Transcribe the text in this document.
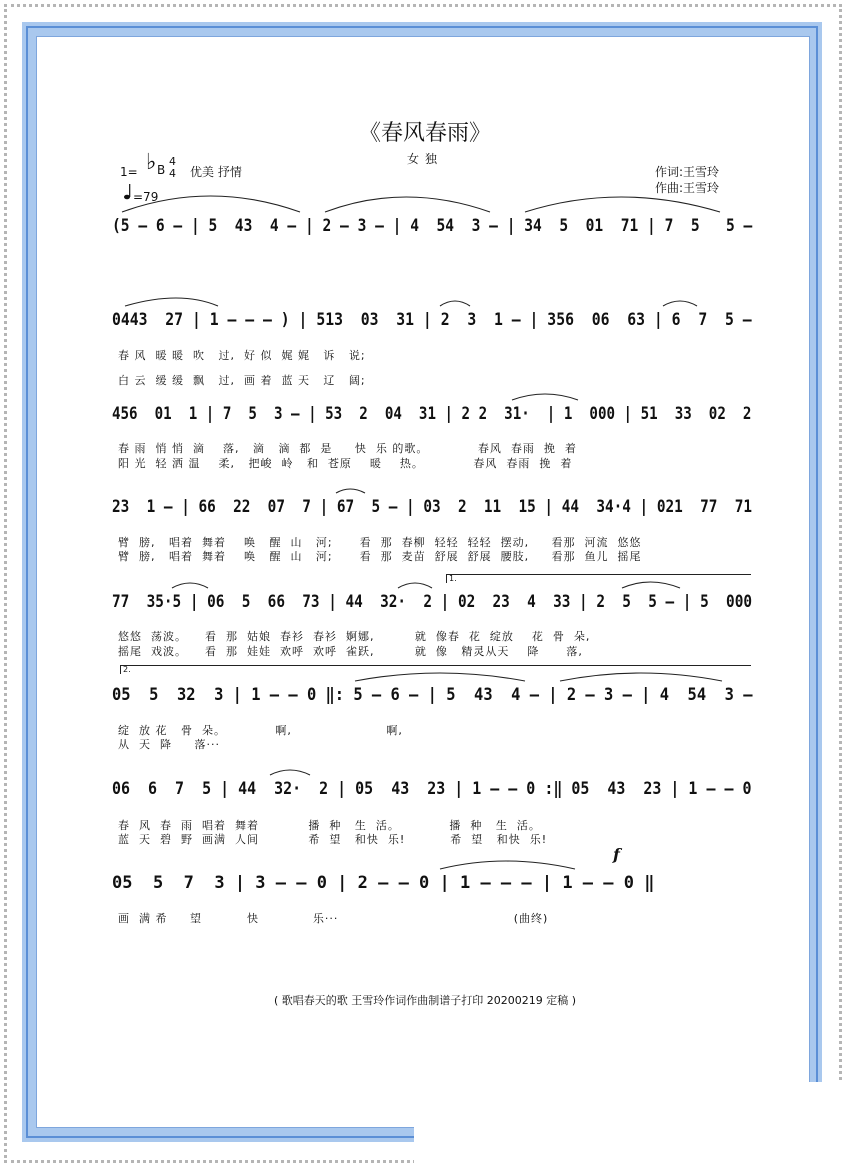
《春风春雨》
女独
1= ♭ B
4
4 优美 抒情
=79
作词:王雪玲
作曲:王雪玲
(5 – 6 – | 5  43  4 – | 2 – 3 – | 4  54  3 – | 34  5  01  71 | 7  5   5 –
0443  27 | 1 – – – ) | 513  03  31 | 2  3  1 – | 356  06  63 | 6  7  5 –
456  01  1 | 7  5  3 – | 53  2  04  31 | 2 2  31·  | 1  000 | 51  33  02  2
23  1 – | 66  22  07  7 | 67  5 – | 03  2  11  15 | 44  34·4 | 021  77  71
77  35·5 | 06  5  66  73 | 44  32·  2 | 02  23  4  33 | 2  5  5 – | 5  000
05  5  32  3 | 1 – – 0 ‖: 5 – 6 – | 5  43  4 – | 2 – 3 – | 4  54  3 –
06  6  7  5 | 44  32·  2 | 05  43  23 | 1 – – 0 :‖ 05  43  23 | 1 – – 0
05  5  7  3 | 3 – – 0 | 2 – – 0 | 1 – – – | 1 – – 0 ‖
春 风  暖 暖  吹   过,  好 似  娓 娓   诉   说;
白 云  缓 缓  飘   过,  画 着  蓝 天   辽   阔;
春 雨  悄 悄  滴    落,   滴   滴  都  是     快  乐 的歌。           春风  春雨  挽  着
阳 光  轻 洒 温    柔,   把峻  岭   和  苍原    暖    热。           春风  春雨  挽  着
臂  膀,   唱着  舞着    唤   醒  山   河;      看  那  春柳  轻轻  轻轻  摆动,     看那  河流  悠悠
臂  膀,   唱着  舞着    唤   醒  山   河;      看  那  麦苗  舒展  舒展  腰肢,     看那  鱼儿  摇尾
悠悠  荡波。    看  那  姑娘  春衫  春衫  婀娜,         就  像春  花  绽放    花  骨  朵,
摇尾  戏波。    看  那  娃娃  欢呼  欢呼  雀跃,         就  像   精灵从天    降      落,
绽  放 花   骨  朵。           啊,                     啊,
从  天  降     落···
春  风  春  雨  唱着  舞着           播  种   生  活。           播  种   生  活。
蓝  天  碧  野  画满  人间           希  望   和快  乐!          希  望   和快  乐!
画  满 希     望          快            乐···                                       (曲终)
1.
2.
f
( 歌唱春天的歌 王雪玲作词作曲制谱子打印 20200219 定稿 )
